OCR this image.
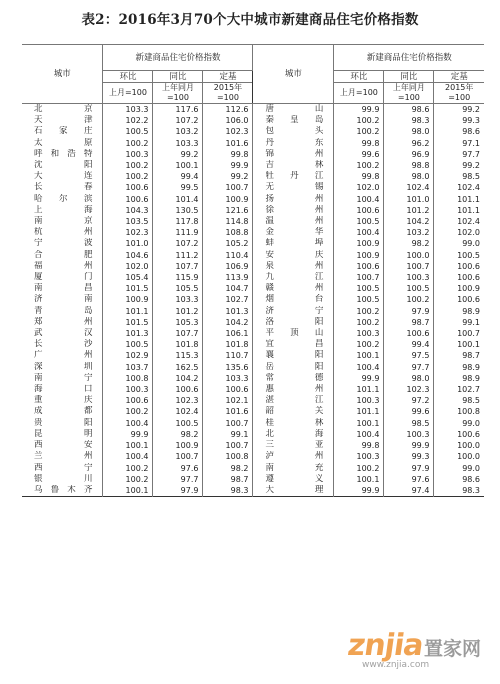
表2：2016年3月70个大中城市新建商品住宅价格指数
城市	新建商品住宅价格指数			城市	新建商品住宅价格指数		
	环比	同比	定基		环比	同比	定基
	上月=100	上年同月=100	2015年=100		上月=100	上年同月=100	2015年=100
北京	103.3	117.6	112.6	唐山	99.9	98.6	99.2
天津	102.2	107.2	106.0	秦皇岛	100.2	98.3	99.3
石家庄	100.5	103.2	102.3	包头	100.2	98.0	98.6
太原	100.2	103.3	101.6	丹东	99.8	96.2	97.1
呼和浩特	100.3	99.2	99.8	锦州	99.6	96.9	97.7
沈阳	100.2	100.1	99.9	吉林	100.2	98.8	99.2
大连	100.2	99.4	99.2	牡丹江	99.8	98.0	98.5
长春	100.6	99.5	100.7	无锡	102.0	102.4	102.4
哈尔滨	100.6	101.4	100.9	扬州	100.4	101.0	101.1
上海	104.3	130.5	121.6	徐州	100.6	101.2	101.1
南京	103.5	117.8	114.8	温州	100.5	104.2	102.4
杭州	102.3	111.9	108.8	金华	100.4	103.2	102.0
宁波	101.0	107.2	105.2	蚌埠	100.9	98.2	99.0
合肥	104.6	111.2	110.4	安庆	100.9	100.0	100.5
福州	102.0	107.7	106.9	泉州	100.6	100.7	100.6
厦门	105.4	115.9	113.9	九江	100.7	100.3	100.6
南昌	101.5	105.5	104.7	赣州	100.5	100.5	100.9
济南	100.9	103.3	102.7	烟台	100.5	100.2	100.6
青岛	101.1	101.2	101.3	济宁	100.2	97.9	98.9
郑州	101.5	105.3	104.2	洛阳	100.2	98.7	99.1
武汉	101.3	107.7	106.1	平顶山	100.3	100.6	100.7
长沙	100.5	101.8	101.8	宜昌	100.2	99.4	100.1
广州	102.9	115.3	110.7	襄阳	100.1	97.5	98.7
深圳	103.7	162.5	135.6	岳阳	100.4	97.7	98.9
南宁	100.8	104.2	103.3	常德	99.9	98.0	98.9
海口	100.3	100.6	100.6	惠州	101.1	102.3	102.7
重庆	100.6	102.3	102.1	湛江	100.3	97.2	98.5
成都	100.2	102.4	101.6	韶关	101.1	99.6	100.8
贵阳	100.4	100.5	100.7	桂林	100.1	98.5	99.0
昆明	99.9	98.2	99.1	北海	100.4	100.3	100.6
西安	100.1	100.9	100.7	三亚	99.8	99.9	100.0
兰州	100.4	100.7	100.8	泸州	100.3	99.3	100.0
西宁	100.2	97.6	98.2	南充	100.2	97.9	99.0
银川	100.2	97.7	98.7	遵义	100.1	97.6	98.6
乌鲁木齐	100.1	97.9	98.3	大理	99.9	97.4	98.3
znjia
置家网
www.znjia.com
